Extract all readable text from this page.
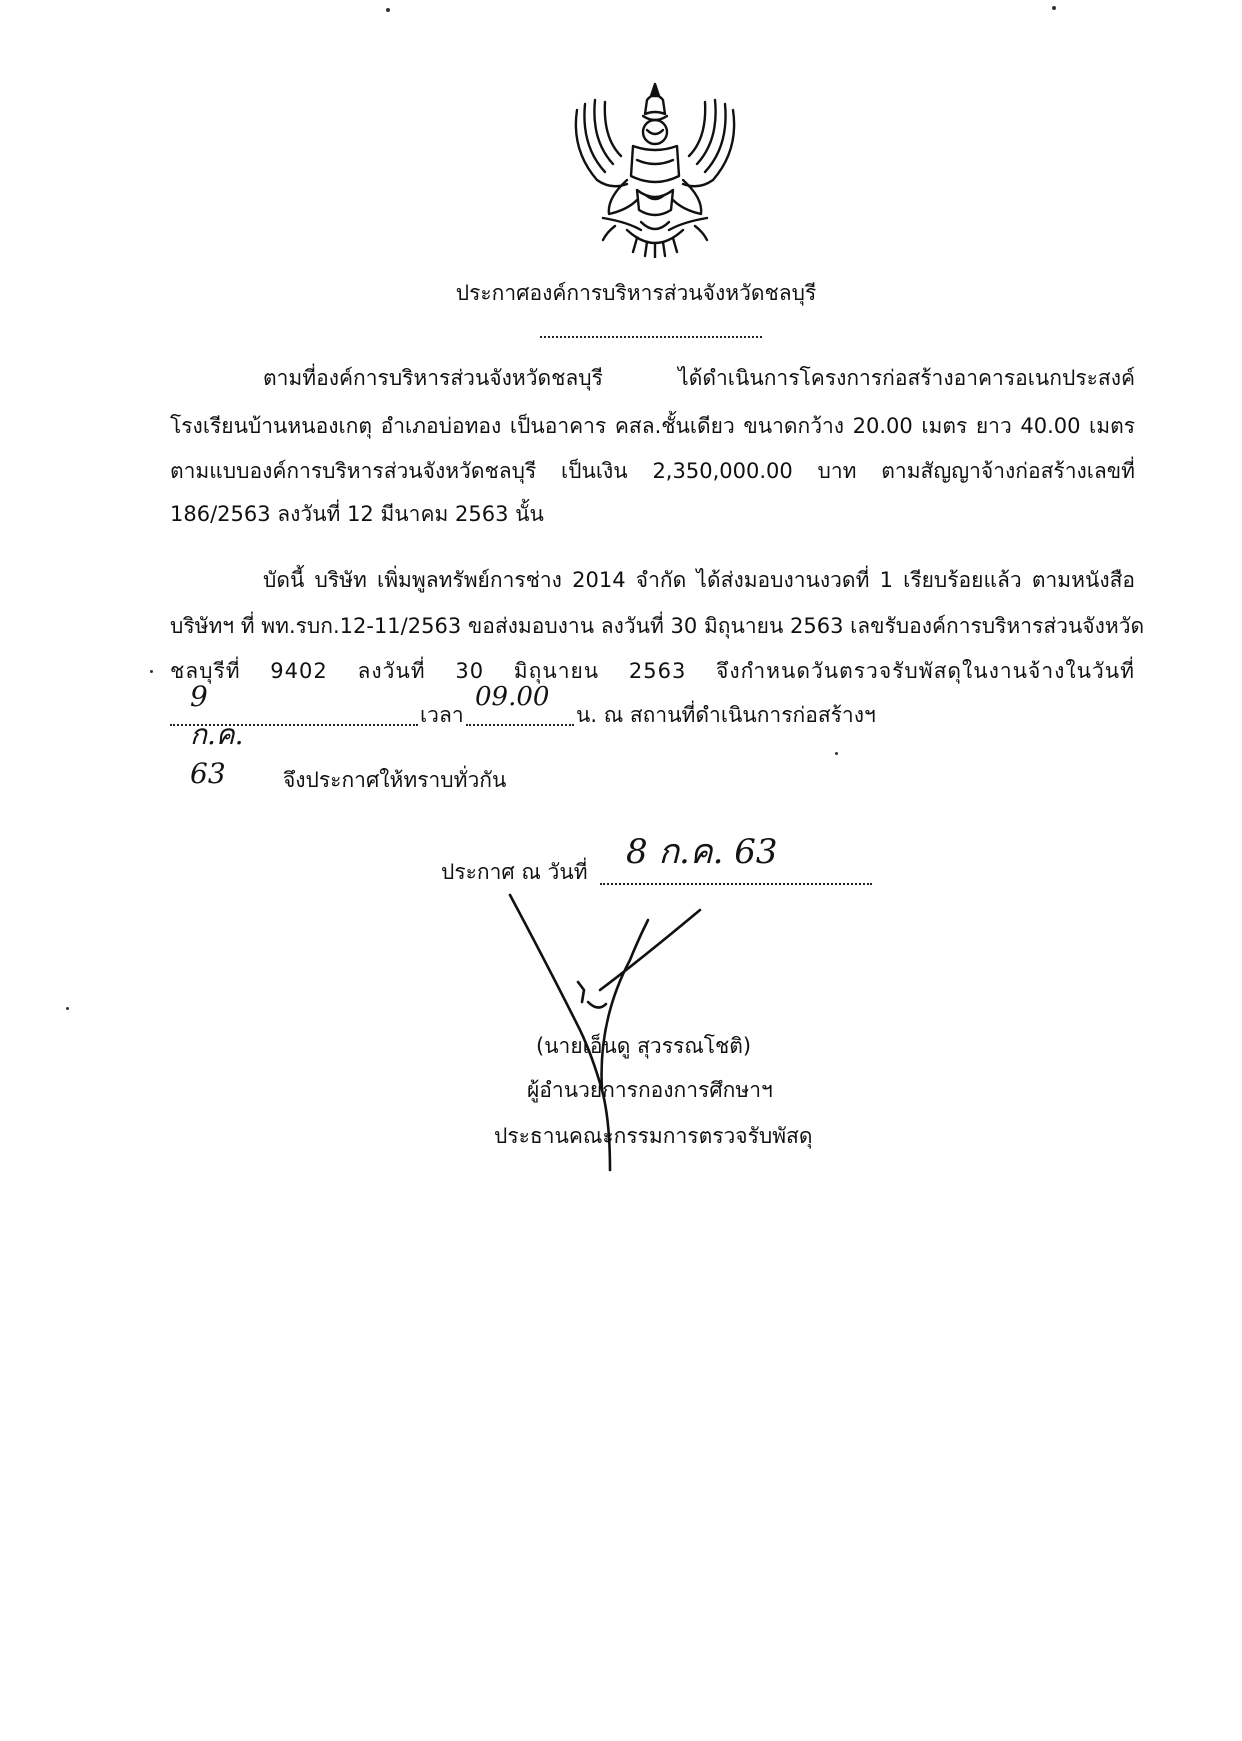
ประกาศองค์การบริหารส่วนจังหวัดชลบุรี
ตามที่องค์การบริหารส่วนจังหวัดชลบุรี ได้ดำเนินการโครงการก่อสร้างอาคารอเนกประสงค์
โรงเรียนบ้านหนองเกตุ อำเภอบ่อทอง เป็นอาคาร คสล.ชั้นเดียว ขนาดกว้าง 20.00 เมตร ยาว 40.00 เมตร
ตามแบบองค์การบริหารส่วนจังหวัดชลบุรี เป็นเงิน 2,350,000.00 บาท ตามสัญญาจ้างก่อสร้างเลขที่
186/2563 ลงวันที่ 12 มีนาคม 2563 นั้น
บัดนี้ บริษัท เพิ่มพูลทรัพย์การช่าง 2014 จำกัด ได้ส่งมอบงานงวดที่ 1 เรียบร้อยแล้ว ตามหนังสือ
บริษัทฯ ที่ พท.รบก.12-11/2563 ขอส่งมอบงาน ลงวันที่ 30 มิถุนายน 2563 เลขรับองค์การบริหารส่วนจังหวัด
ชลบุรีที่ 9402 ลงวันที่ 30 มิถุนายน 2563 จึงกำหนดวันตรวจรับพัสดุในงานจ้างในวันที่
9 ก.ค. 63
เวลา
09.00
น. ณ สถานที่ดำเนินการก่อสร้างฯ
จึงประกาศให้ทราบทั่วกัน
ประกาศ ณ วันที่ 8 ก.ค. 63
(นายเอ็นดู สุวรรณโชติ)
ผู้อำนวยการกองการศึกษาฯ
ประธานคณะกรรมการตรวจรับพัสดุ
